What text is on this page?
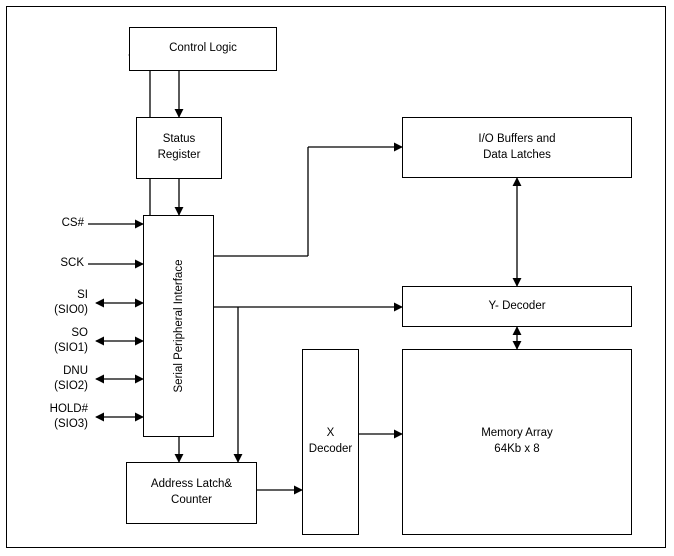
Control Logic
Status
Register
Serial Peripheral Interface
Address Latch&
Counter
X
Decoder
I/O Buffers and
Data Latches
Y- Decoder
Memory Array
64Kb x 8
CS#
SCK
SI
(SIO0)
SO
(SIO1)
DNU
(SIO2)
HOLD#
(SIO3)
